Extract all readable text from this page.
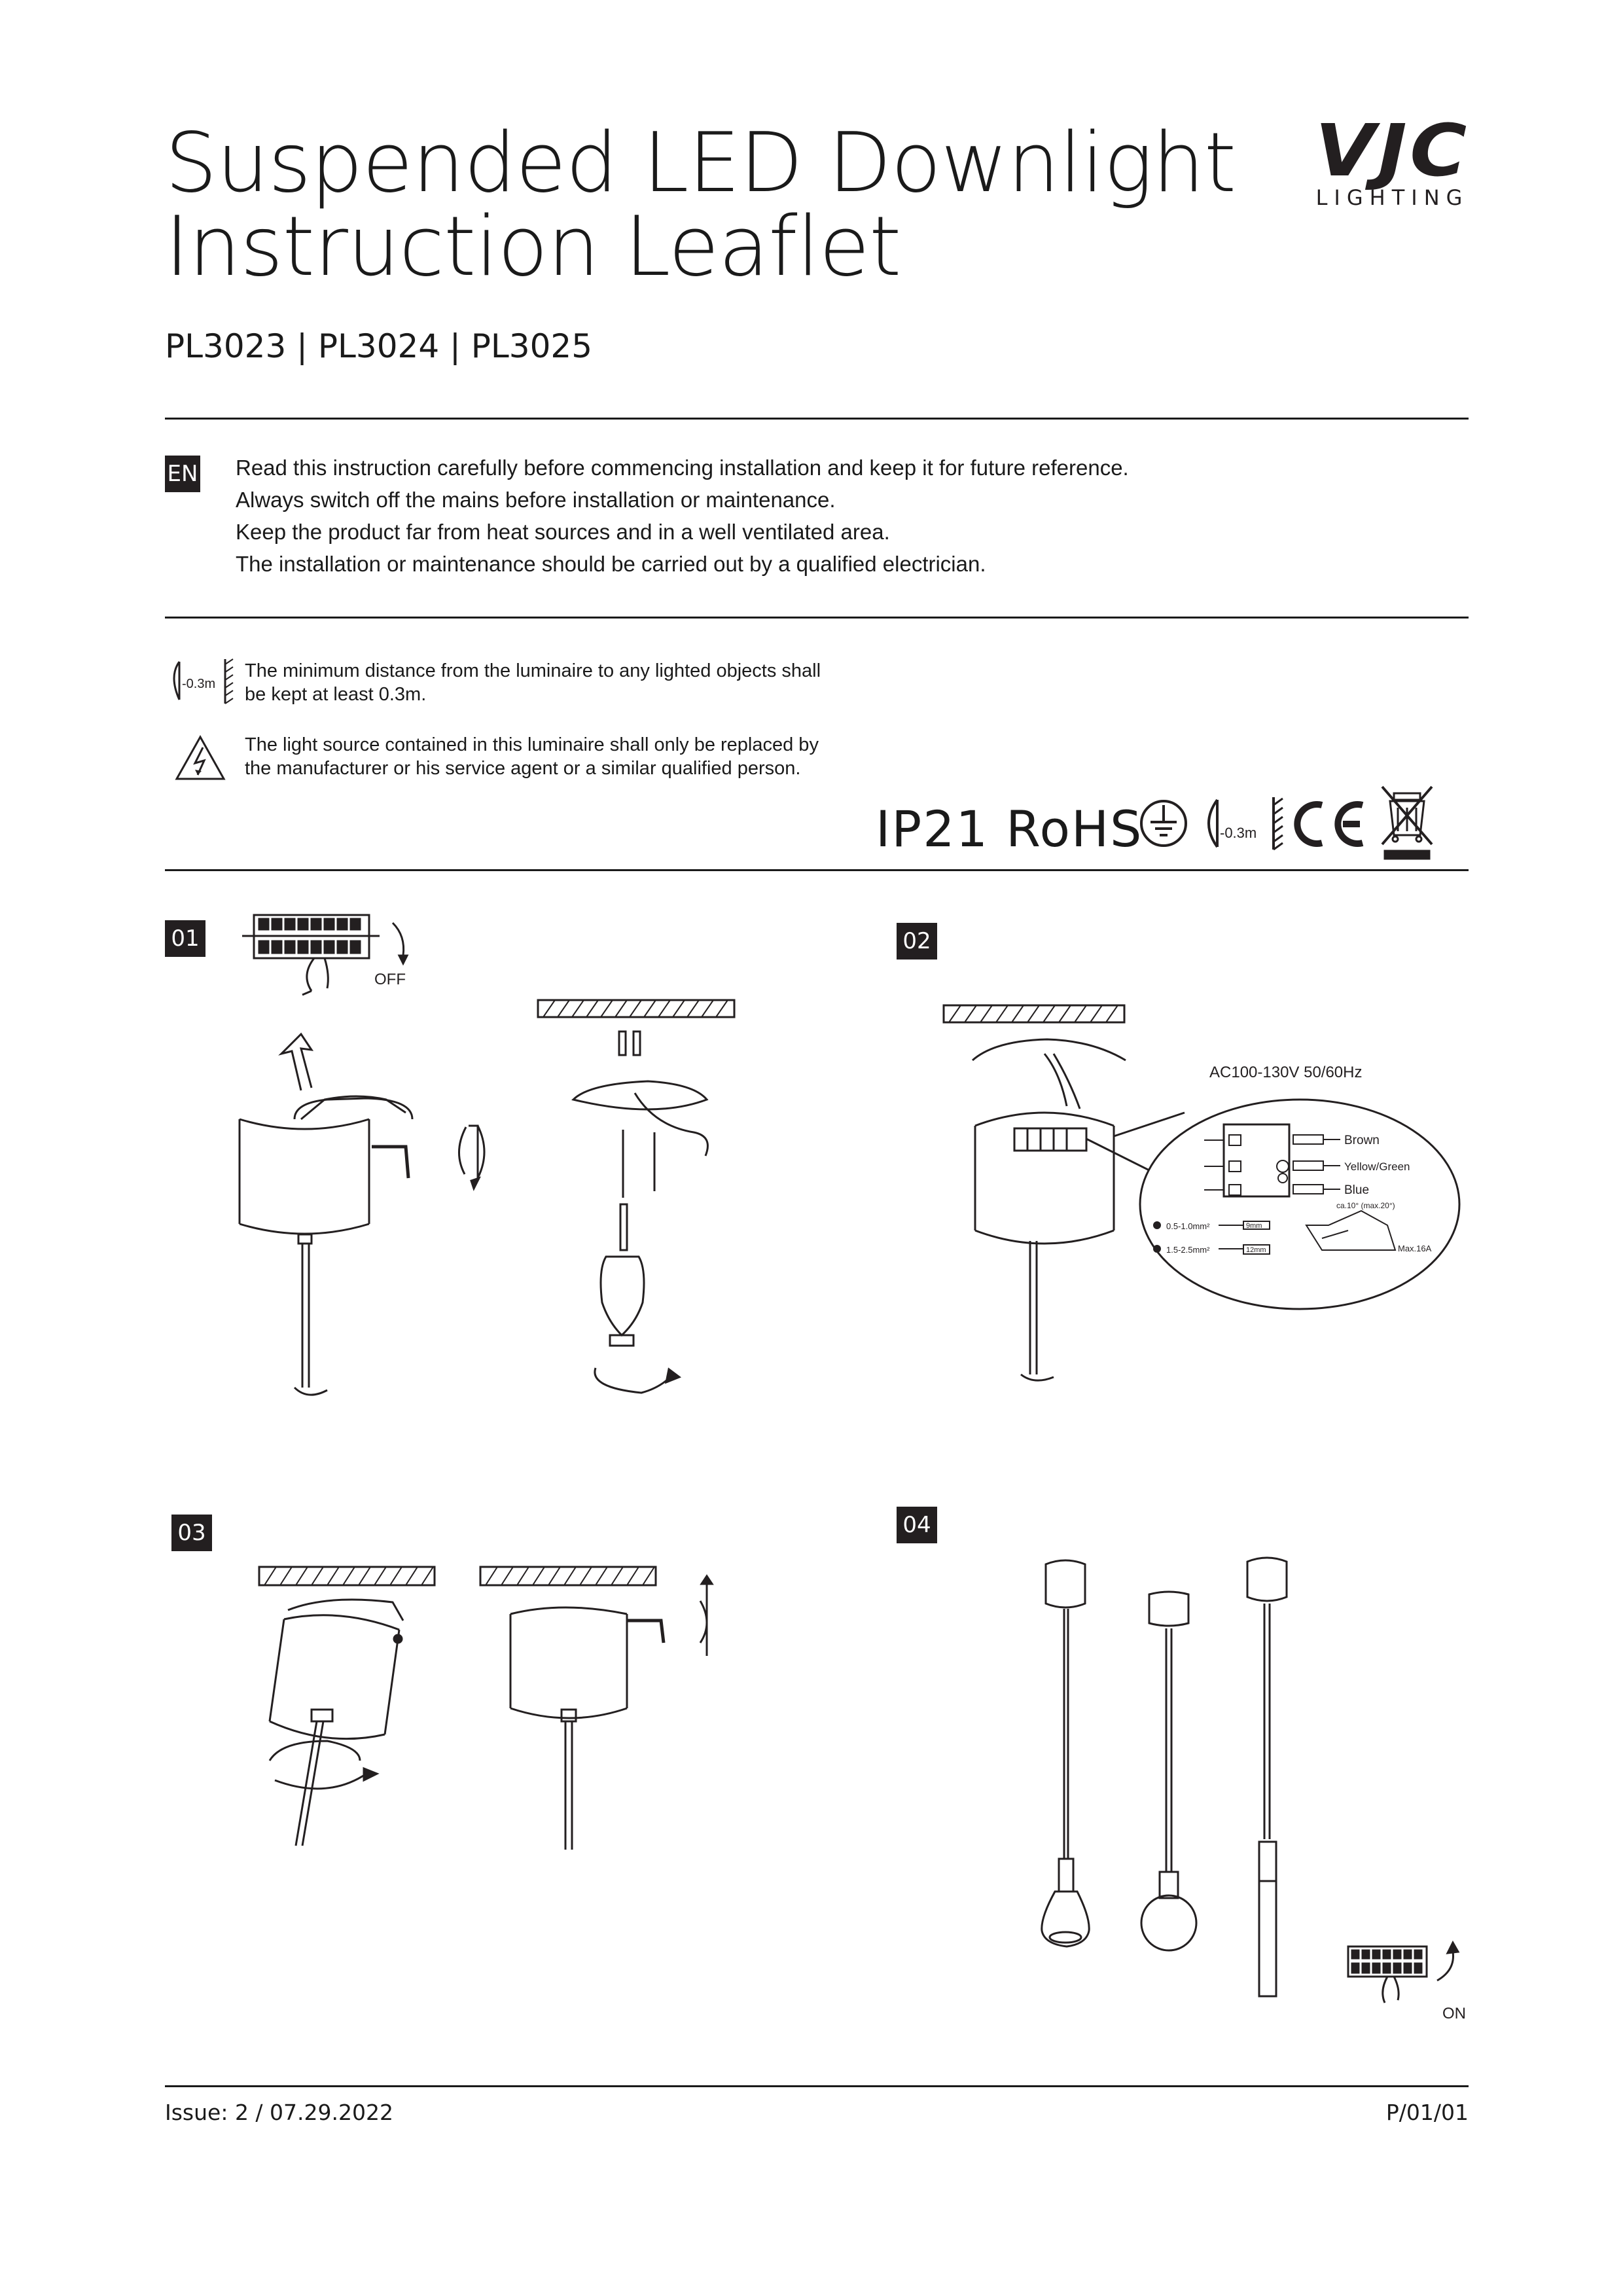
Suspended LED Downlight
Instruction Leaflet
VJC
LIGHTING
PL3023 | PL3024 | PL3025
EN Read this instruction carefully before commencing installation and keep it for future reference.
Always switch off the mains before installation or maintenance.
Keep the product far from heat sources and in a well ventilated area.
The installation or maintenance should be carried out by a qualified electrician.
-0.3m
The minimum distance from the luminaire to any lighted objects shall
be kept at least 0.3m.
The light source contained in this luminaire shall only be replaced by
the manufacturer or his service agent or a similar qualified person.
IP21 RoHS	-0.3m
01
OFF
02
AC100-130V 50/60Hz
Brown
Yellow/Green
Blue
0.5-1.0mm²
1.5-2.5mm²
9mm
12mm
ca.10° (max.20°)
Max.16A
03	04
ON
Issue: 2 / 07.29.2022	P/01/01
